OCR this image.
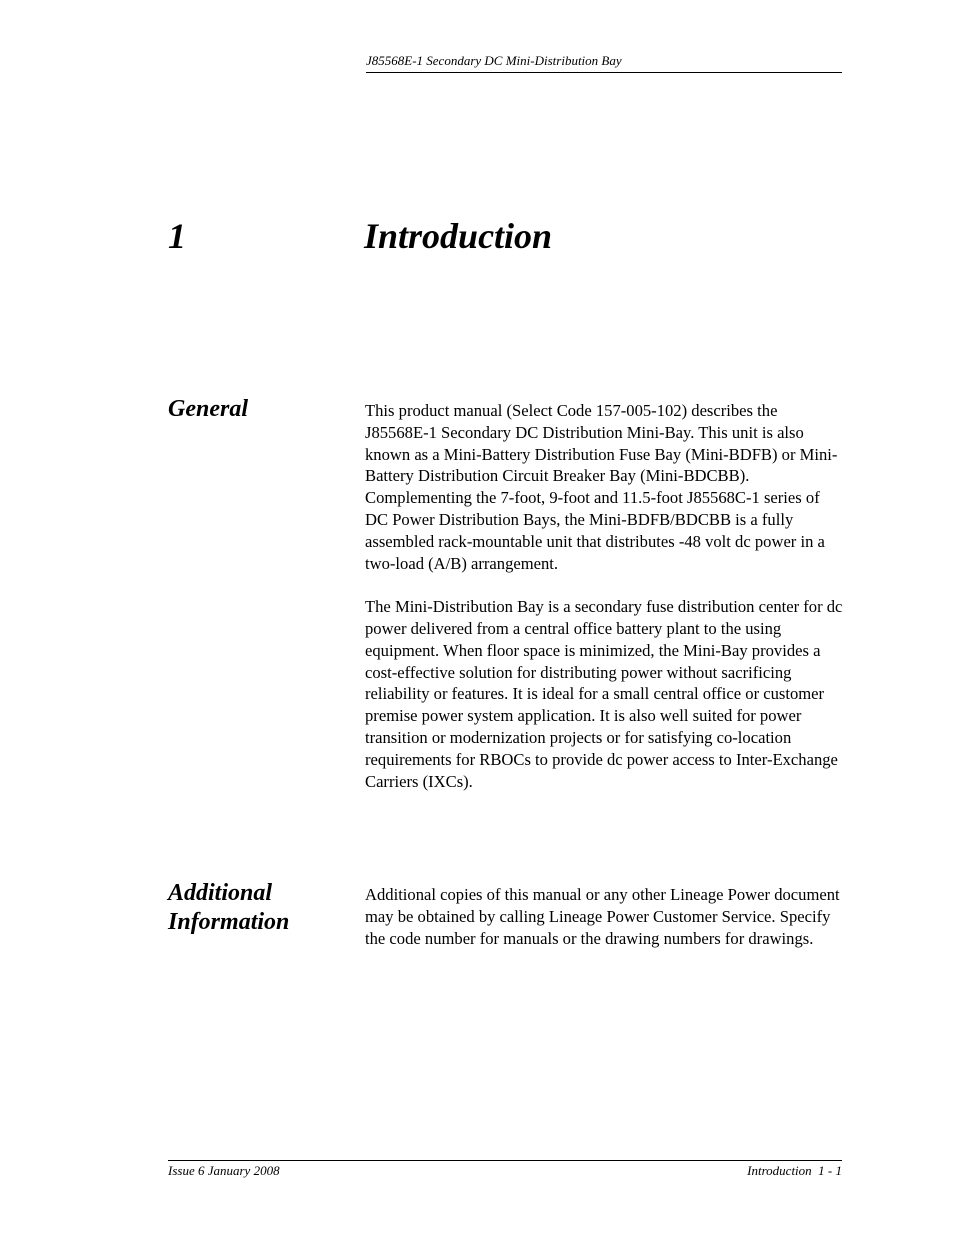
J85568E-1 Secondary DC Mini-Distribution Bay
1	Introduction
General	This product manual (Select Code 157-005-102) describes the J85568E-1 Secondary DC Distribution Mini-Bay. This unit is also known as a Mini-Battery Distribution Fuse Bay (Mini-BDFB) or Mini-Battery Distribution Circuit Breaker Bay (Mini-BDCBB). Complementing the 7-foot, 9-foot and 11.5-foot J85568C-1 series of DC Power Distribution Bays, the Mini-BDFB/BDCBB is a fully assembled rack-mountable unit that distributes -48 volt dc power in a two-load (A/B) arrangement.

The Mini-Distribution Bay is a secondary fuse distribution center for dc power delivered from a central office battery plant to the using equipment. When floor space is minimized, the Mini-Bay provides a cost-effective solution for distributing power without sacrificing reliability or features. It is ideal for a small central office or customer premise power system application. It is also well suited for power transition or modernization projects or for satisfying co-location requirements for RBOCs to provide dc power access to Inter-Exchange Carriers (IXCs).

Additional
Information

Additional copies of this manual or any other Lineage Power document may be obtained by calling Lineage Power Customer Service. Specify the code number for manuals or the drawing numbers for drawings.

Issue 6 January 2008	Introduction  1 - 1
